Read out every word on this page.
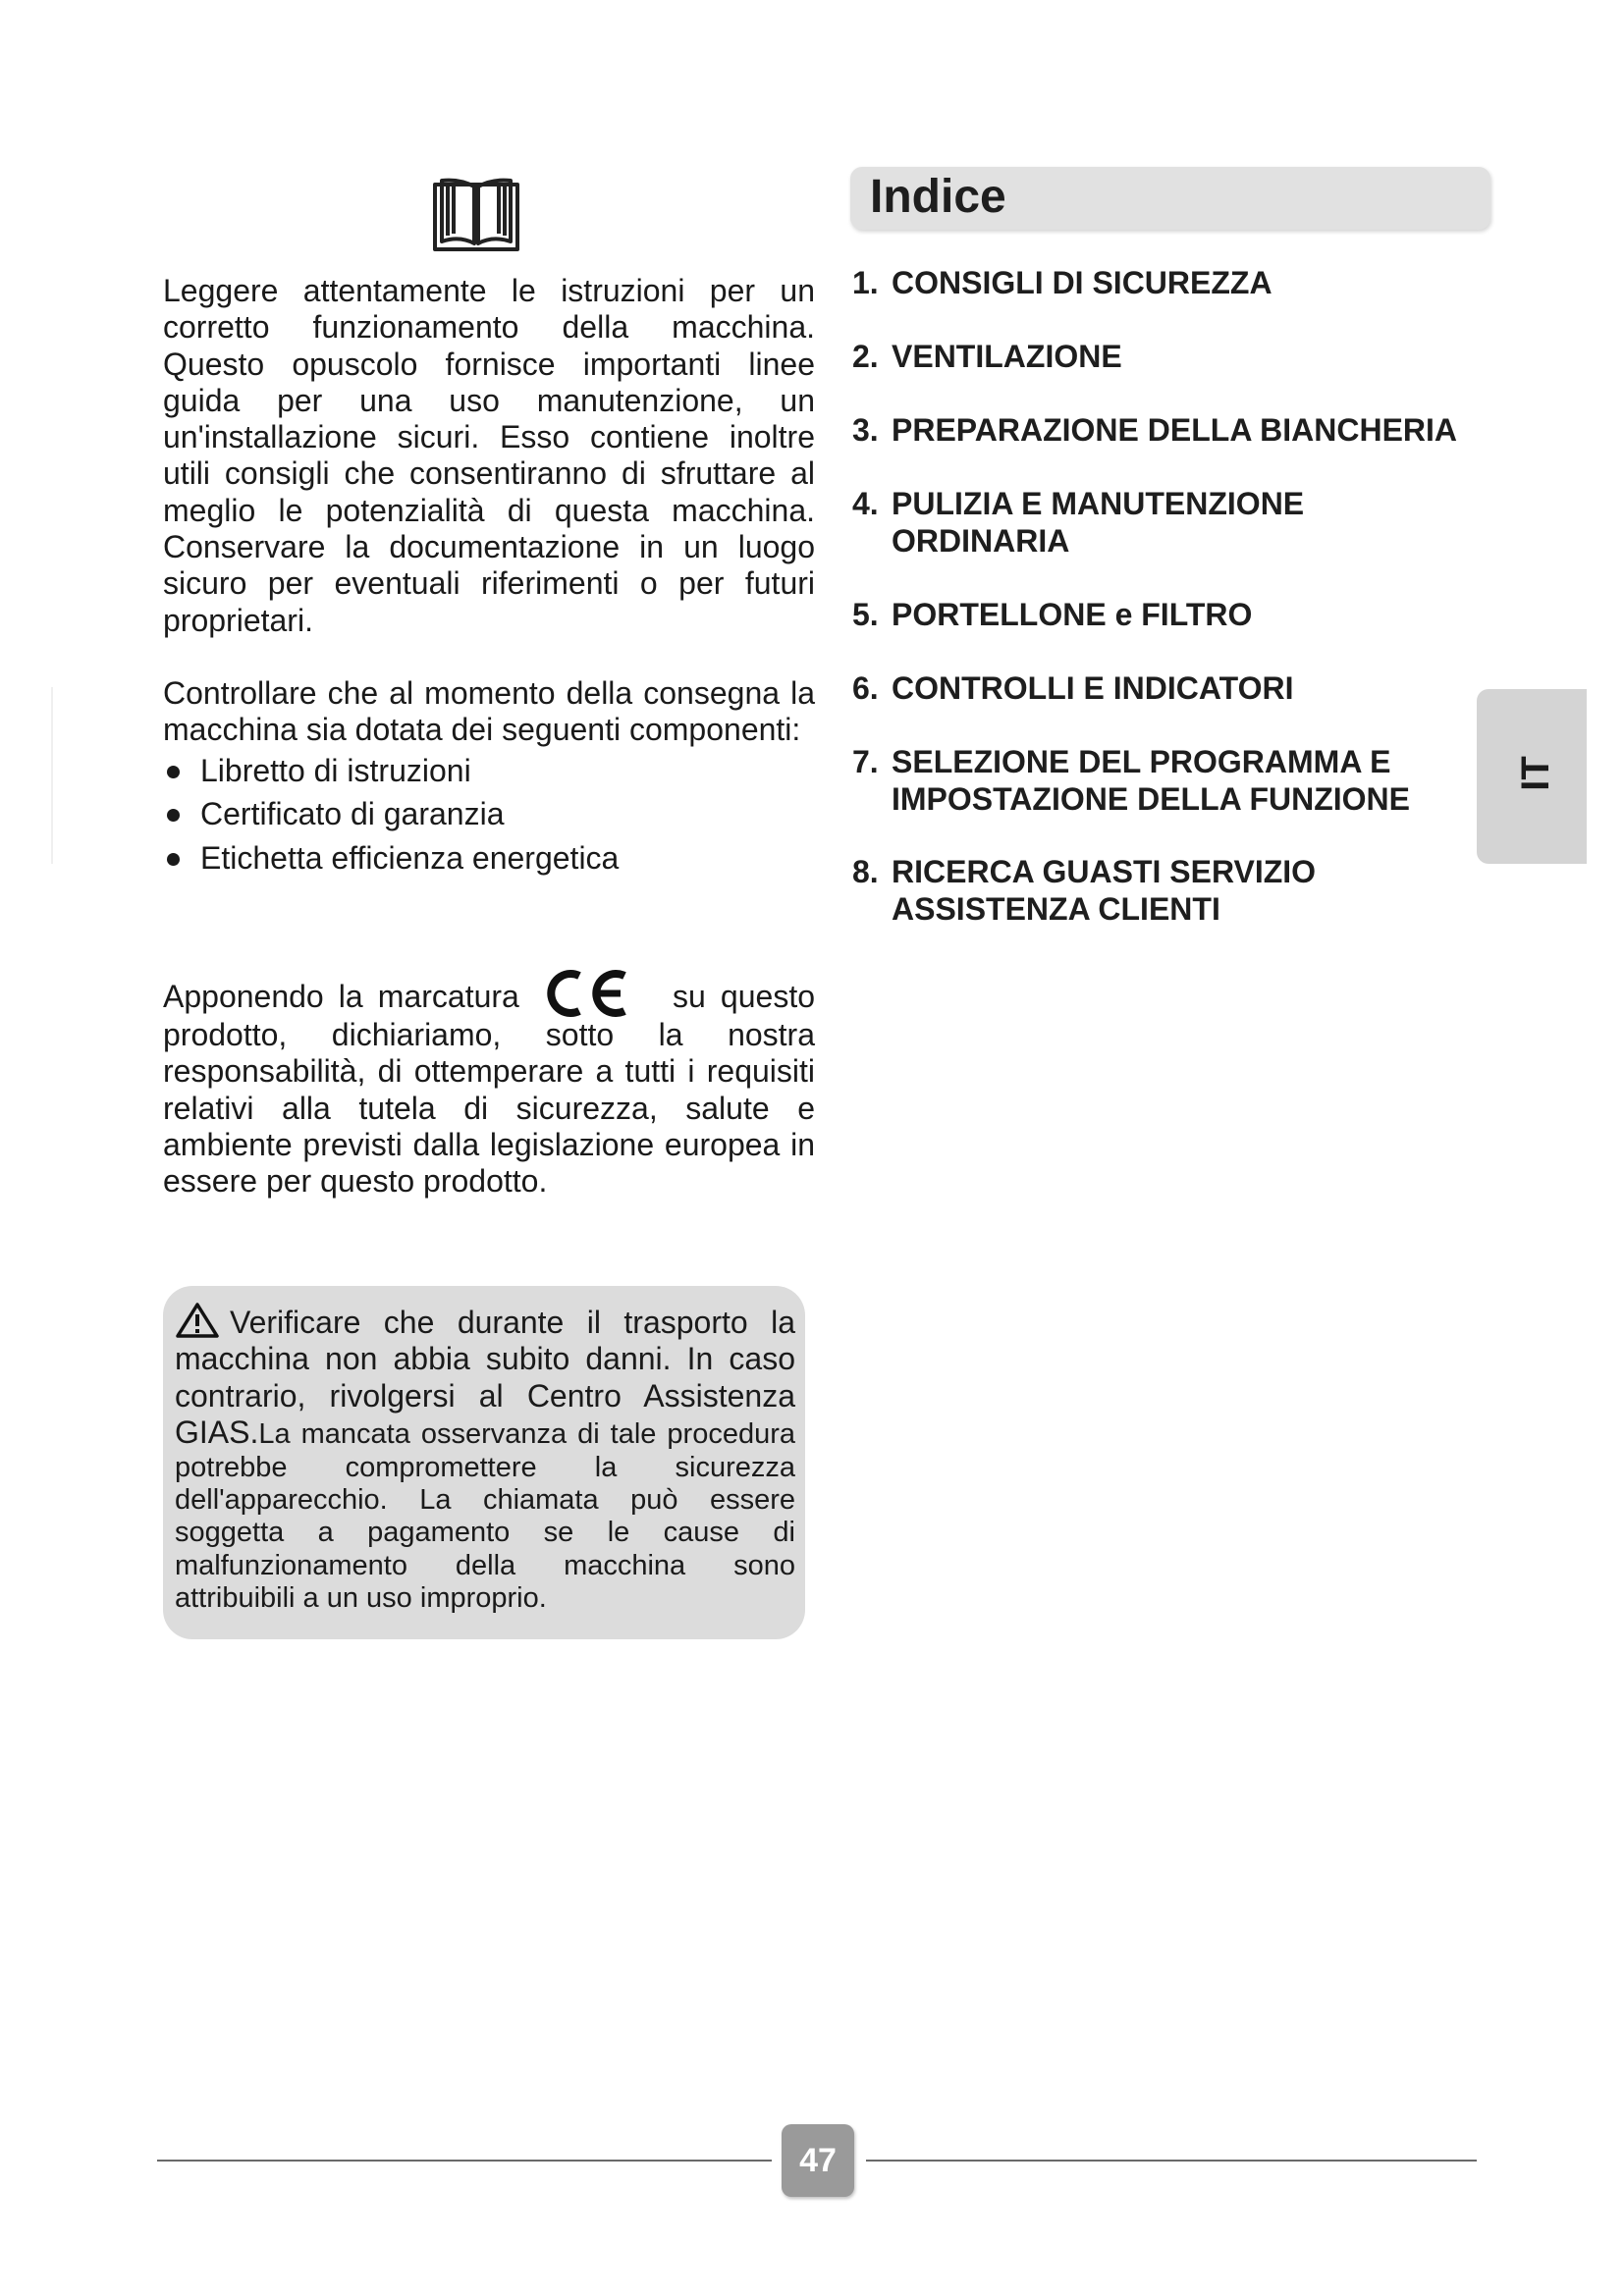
Leggere attentamente le istruzioni per un corretto funzionamento della macchina. Questo opuscolo fornisce importanti linee guida per una uso manutenzione, un un'installazione sicuri. Esso contiene inoltre utili consigli che consentiranno di sfruttare al meglio le potenzialità di questa macchina. Conservare la documentazione in un luogo sicuro per eventuali riferimenti o per futuri proprietari.

Controllare che al momento della consegna la macchina sia dotata dei seguenti componenti:

Libretto di istruzioni
Certificato di garanzia
Etichetta efficienza energetica

Apponendo la marcatura	su questo prodotto, dichiariamo, sotto la nostra responsabilità, di ottemperare a tutti i requisiti relativi alla tutela di sicurezza, salute e ambiente previsti dalla legislazione europea in essere per questo prodotto.

Verificare che durante il trasporto la macchina non abbia subito danni. In caso contrario, rivolgersi al Centro Assistenza GIAS.La mancata osservanza di tale procedura potrebbe compromettere la sicurezza dell'apparecchio. La chiamata può essere soggetta a pagamento se le cause di malfunzionamento della macchina sono attribuibili a un uso improprio.
Indice
1. CONSIGLI DI SICUREZZA
2. VENTILAZIONE
3. PREPARAZIONE DELLA BIANCHERIA
4. PULIZIA E MANUTENZIONE
ORDINARIA
5. PORTELLONE e FILTRO
6. CONTROLLI E INDICATORI
7. SELEZIONE DEL PROGRAMMA E
IMPOSTAZIONE DELLA FUNZIONE
8. RICERCA GUASTI SERVIZIO
ASSISTENZA CLIENTI
IT
47
